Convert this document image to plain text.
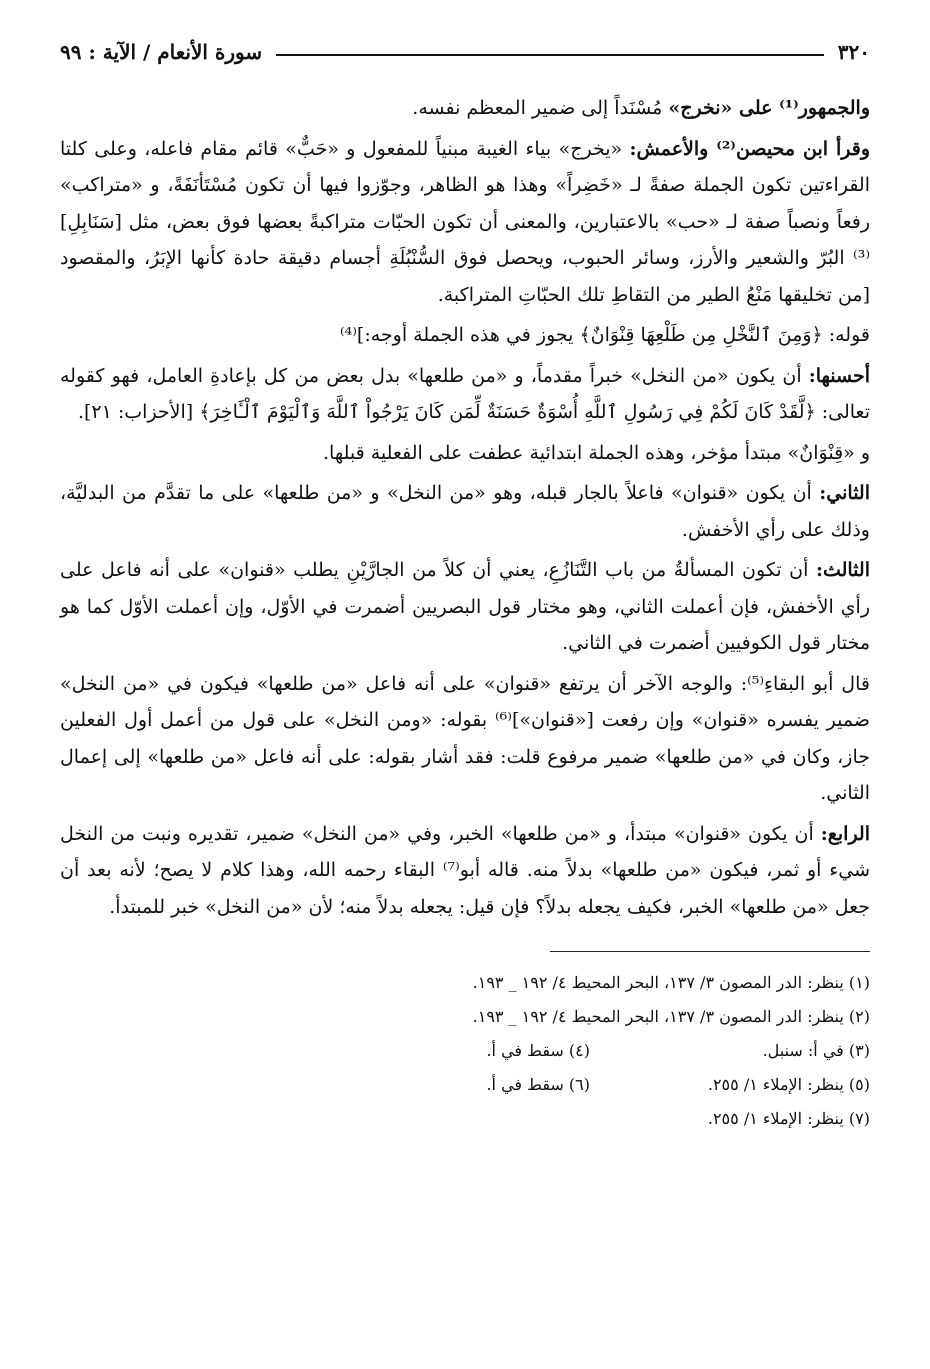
٣٢٠
سورة الأنعام / الآية : ٩٩

والجمهور⁽¹⁾ على «نخرج» مُسْنَداً إلى ضمير المعظم نفسه.

وقرأ ابن محيصن⁽²⁾ والأعمش: «يخرج» بياء الغيبة مبنياً للمفعول و «حَبٌّ» قائم مقام فاعله، وعلى كلتا القراءتين تكون الجملة صفةً لـ «خَضِراً» وهذا هو الظاهر، وجوّزوا فيها أن تكون مُسْتَأنَفَةً، و «متراكب» رفعاً ونصباً صفة لـ «حب» بالاعتبارين، والمعنى أن تكون الحبّات متراكبةً بعضها فوق بعض، مثل [سَنَابِلِ]⁽³⁾ البُرّ والشعير والأرز، وسائر الحبوب، ويحصل فوق السُّنْبُلَةِ أجسام دقيقة حادة كأنها الإبَرُ، والمقصود [من تخليقها مَنْعُ الطير من التقاطِ تلك الحبّاتِ المتراكبة.

قوله: ﴿وَمِنَ ٱلنَّخْلِ مِن طَلْعِهَا قِنْوَانٌ﴾ يجوز في هذه الجملة أوجه:]⁽⁴⁾

أحسنها: أن يكون «من النخل» خبراً مقدماً، و «من طلعها» بدل بعض من كل بإعادةِ العامل، فهو كقوله تعالى: ﴿لَّقَدْ كَانَ لَكُمْ فِي رَسُولِ ٱللَّهِ أُسْوَةٌ حَسَنَةٌ لِّمَن كَانَ يَرْجُواْ ٱللَّهَ وَٱلْيَوْمَ ٱلْـَٔاخِرَ﴾ [الأحزاب: ٢١].

و «قِنْوَانٌ» مبتدأ مؤخر، وهذه الجملة ابتدائية عطفت على الفعلية قبلها.

الثاني: أن يكون «قنوان» فاعلاً بالجار قبله، وهو «من النخل» و «من طلعها» على ما تقدَّم من البدليَّة، وذلك على رأي الأخفش.

الثالث: أن تكون المسألةُ من باب التَّنَازُعِ، يعني أن كلاً من الجارَّيْنِ يطلب «قنوان» على أنه فاعل على رأي الأخفش، فإن أعملت الثاني، وهو مختار قول البصريين أضمرت في الأوّل، وإن أعملت الأوّل كما هو مختار قول الكوفيين أضمرت في الثاني.

قال أبو البقاءِ⁽⁵⁾: والوجه الآخر أن يرتفع «قنوان» على أنه فاعل «من طلعها» فيكون في «من النخل» ضمير يفسره «قنوان» وإن رفعت [«قنوان»]⁽⁶⁾ بقوله: «ومن النخل» على قول من أعمل أول الفعلين جاز، وكان في «من طلعها» ضمير مرفوع قلت: فقد أشار بقوله: على أنه فاعل «من طلعها» إلى إعمال الثاني.

الرابع: أن يكون «قنوان» مبتدأ، و «من طلعها» الخبر، وفي «من النخل» ضمير، تقديره ونبت من النخل شيء أو ثمر، فيكون «من طلعها» بدلاً منه. قاله أبو⁽⁷⁾ البقاء رحمه الله، وهذا كلام لا يصح؛ لأنه بعد أن جعل «من طلعها» الخبر، فكيف يجعله بدلاً؟ فإن قيل: يجعله بدلاً منه؛ لأن «من النخل» خبر للمبتدأ.

(١) ينظر: الدر المصون ٣/ ١٣٧، البحر المحيط ٤/ ١٩٢ _ ١٩٣.
(٢) ينظر: الدر المصون ٣/ ١٣٧، البحر المحيط ٤/ ١٩٢ _ ١٩٣.
(٣) في أ: سنبل.
(٤) سقط في أ.
(٥) ينظر: الإملاء ١/ ٢٥٥.
(٦) سقط في أ.
(٧) ينظر: الإملاء ١/ ٢٥٥.
